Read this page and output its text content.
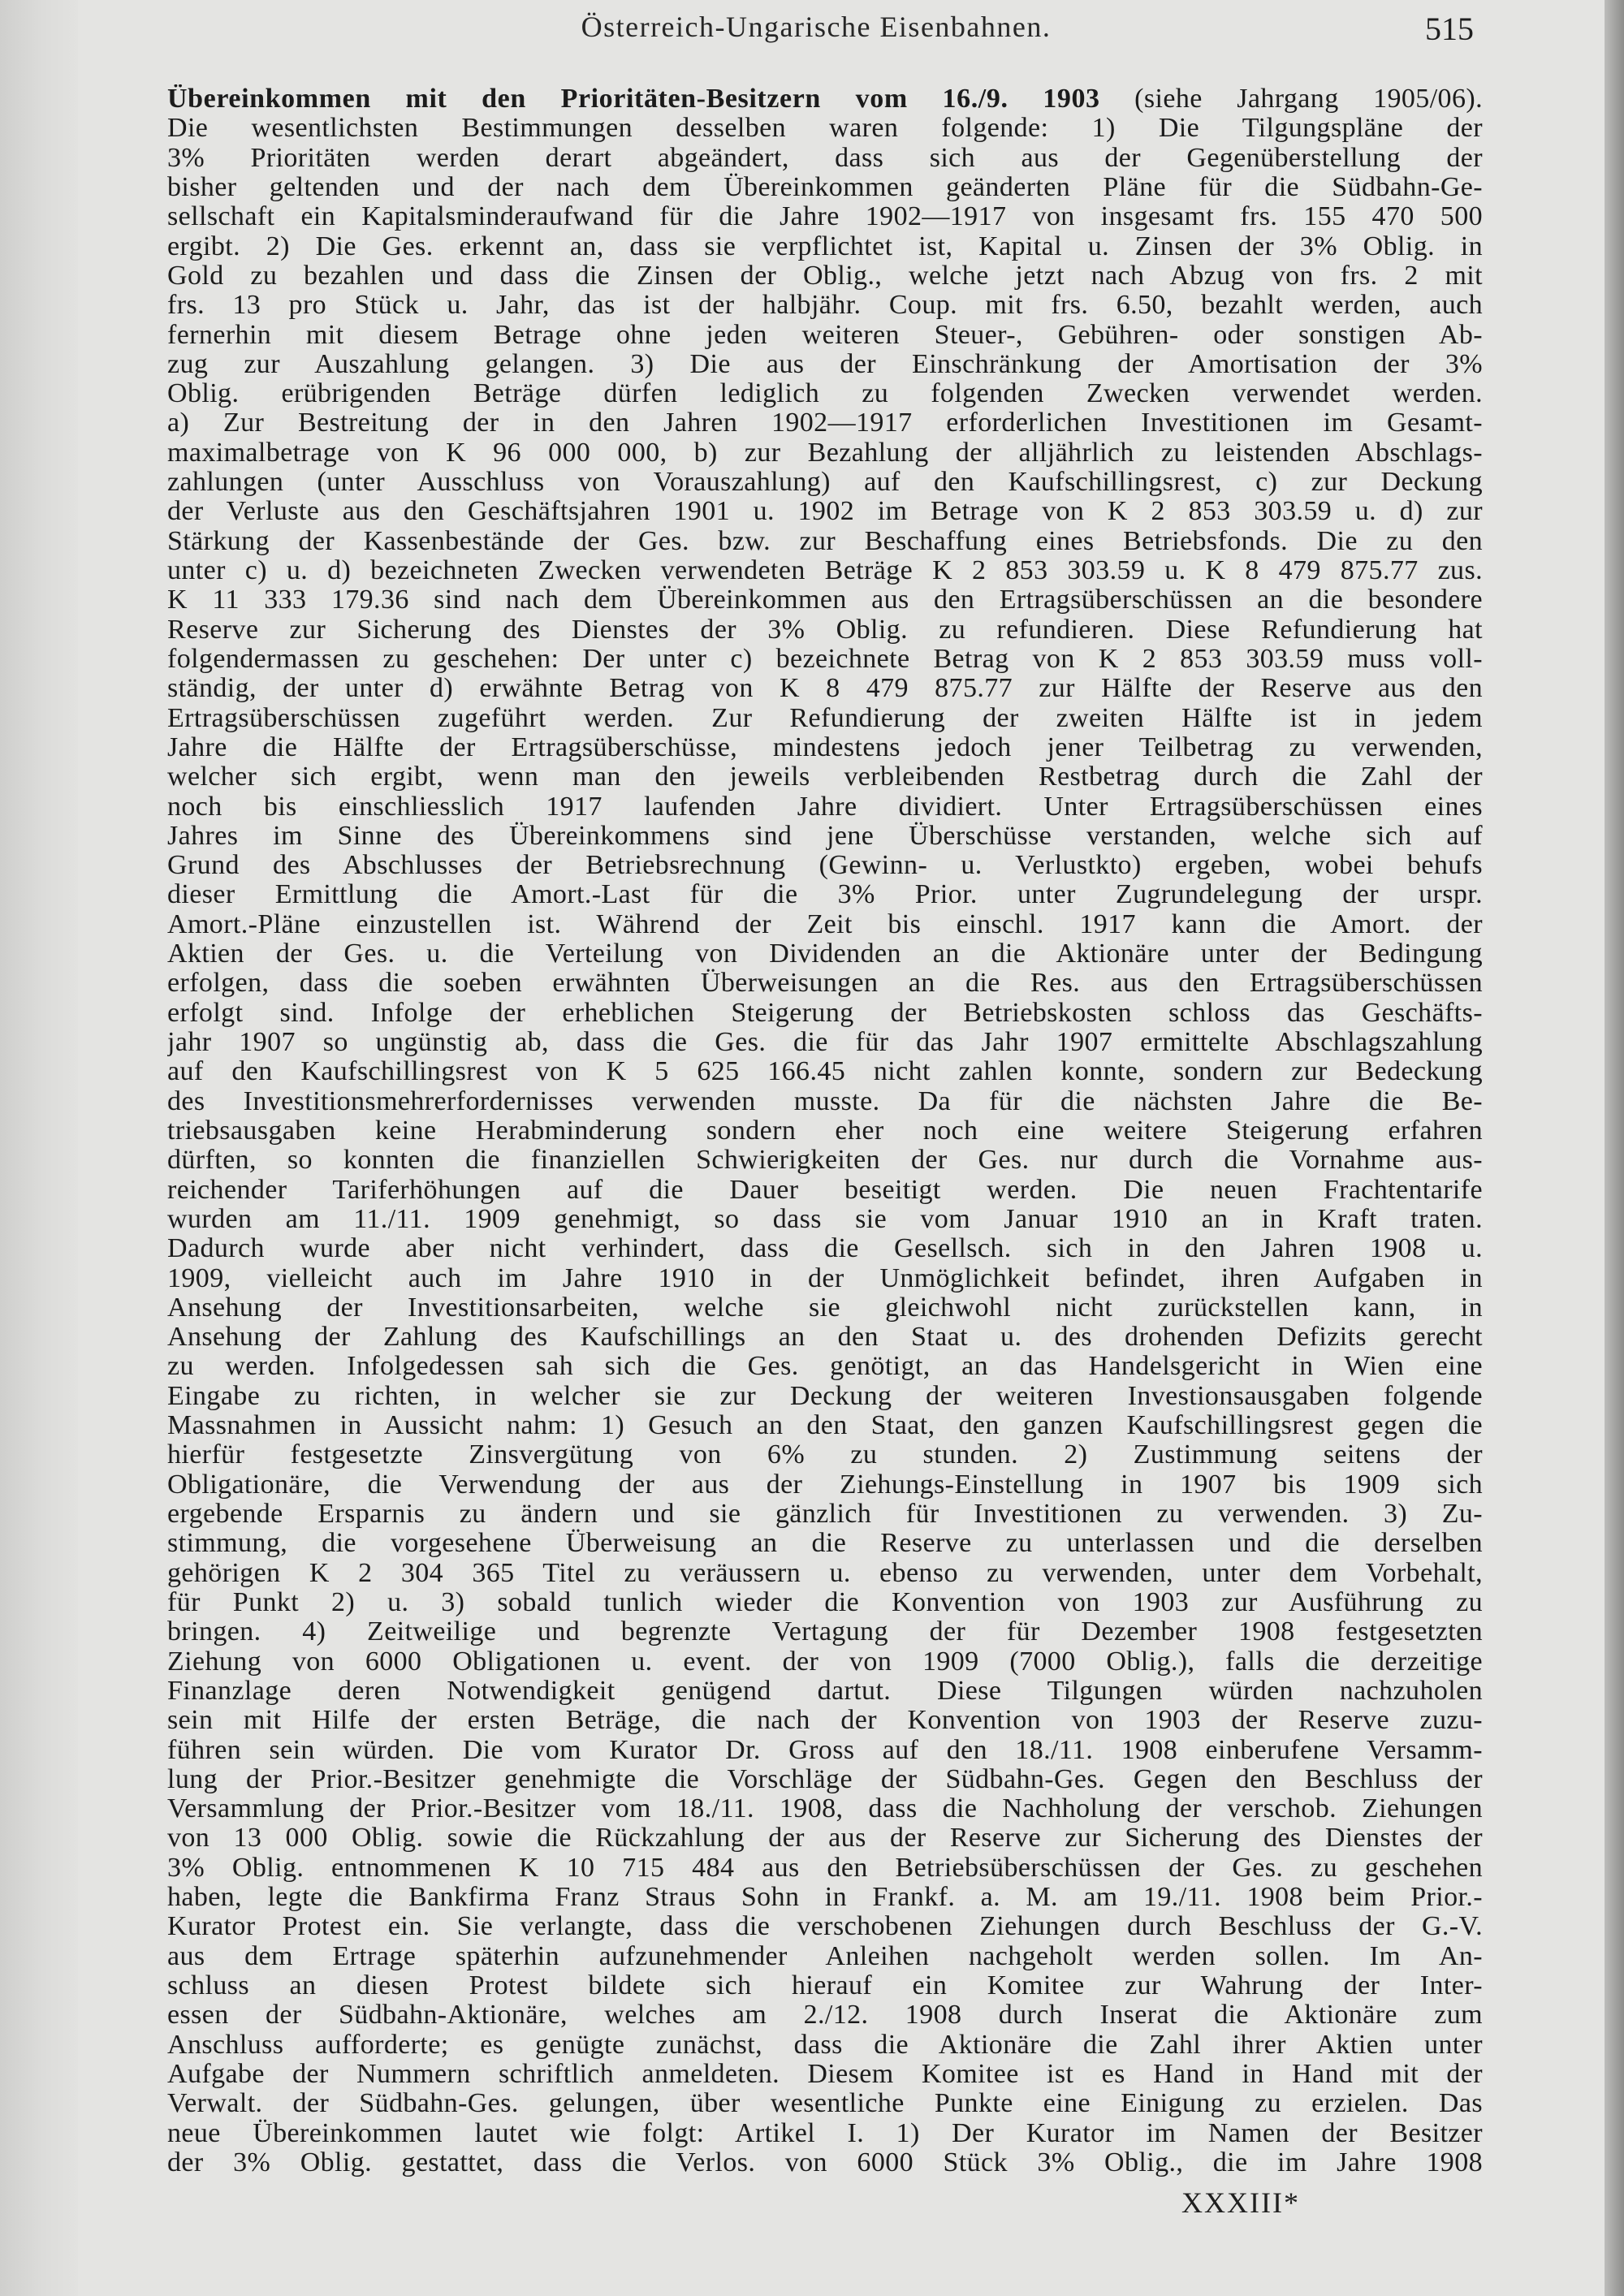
Österreich-Ungarische Eisenbahnen.	515
Übereinkommen mit den Prioritäten-Besitzern vom 16./9. 1903 (siehe Jahrgang 1905/06).
Die wesentlichsten Bestimmungen desselben waren folgende: 1) Die Tilgungspläne der
3% Prioritäten werden derart abgeändert, dass sich aus der Gegenüberstellung der
bisher geltenden und der nach dem Übereinkommen geänderten Pläne für die Südbahn-Ge-
sellschaft ein Kapitalsminderaufwand für die Jahre 1902—1917 von insgesamt frs. 155 470 500
ergibt. 2) Die Ges. erkennt an, dass sie verpflichtet ist, Kapital u. Zinsen der 3% Oblig. in
Gold zu bezahlen und dass die Zinsen der Oblig., welche jetzt nach Abzug von frs. 2 mit
frs. 13 pro Stück u. Jahr, das ist der halbjähr. Coup. mit frs. 6.50, bezahlt werden, auch
fernerhin mit diesem Betrage ohne jeden weiteren Steuer-, Gebühren- oder sonstigen Ab-
zug zur Auszahlung gelangen. 3) Die aus der Einschränkung der Amortisation der 3%
Oblig. erübrigenden Beträge dürfen lediglich zu folgenden Zwecken verwendet werden.
a) Zur Bestreitung der in den Jahren 1902—1917 erforderlichen Investitionen im Gesamt-
maximalbetrage von K 96 000 000, b) zur Bezahlung der alljährlich zu leistenden Abschlags-
zahlungen (unter Ausschluss von Vorauszahlung) auf den Kaufschillingsrest, c) zur Deckung
der Verluste aus den Geschäftsjahren 1901 u. 1902 im Betrage von K 2 853 303.59 u. d) zur
Stärkung der Kassenbestände der Ges. bzw. zur Beschaffung eines Betriebsfonds. Die zu den
unter c) u. d) bezeichneten Zwecken verwendeten Beträge K 2 853 303.59 u. K 8 479 875.77 zus.
K 11 333 179.36 sind nach dem Übereinkommen aus den Ertragsüberschüssen an die besondere
Reserve zur Sicherung des Dienstes der 3% Oblig. zu refundieren. Diese Refundierung hat
folgendermassen zu geschehen: Der unter c) bezeichnete Betrag von K 2 853 303.59 muss voll-
ständig, der unter d) erwähnte Betrag von K 8 479 875.77 zur Hälfte der Reserve aus den
Ertragsüberschüssen zugeführt werden. Zur Refundierung der zweiten Hälfte ist in jedem
Jahre die Hälfte der Ertragsüberschüsse, mindestens jedoch jener Teilbetrag zu verwenden,
welcher sich ergibt, wenn man den jeweils verbleibenden Restbetrag durch die Zahl der
noch bis einschliesslich 1917 laufenden Jahre dividiert. Unter Ertragsüberschüssen eines
Jahres im Sinne des Übereinkommens sind jene Überschüsse verstanden, welche sich auf
Grund des Abschlusses der Betriebsrechnung (Gewinn- u. Verlustkto) ergeben, wobei behufs
dieser Ermittlung die Amort.-Last für die 3% Prior. unter Zugrundelegung der urspr.
Amort.-Pläne einzustellen ist. Während der Zeit bis einschl. 1917 kann die Amort. der
Aktien der Ges. u. die Verteilung von Dividenden an die Aktionäre unter der Bedingung
erfolgen, dass die soeben erwähnten Überweisungen an die Res. aus den Ertragsüberschüssen
erfolgt sind. Infolge der erheblichen Steigerung der Betriebskosten schloss das Geschäfts-
jahr 1907 so ungünstig ab, dass die Ges. die für das Jahr 1907 ermittelte Abschlagszahlung
auf den Kaufschillingsrest von K 5 625 166.45 nicht zahlen konnte, sondern zur Bedeckung
des Investitionsmehrerfordernisses verwenden musste. Da für die nächsten Jahre die Be-
triebsausgaben keine Herabminderung sondern eher noch eine weitere Steigerung erfahren
dürften, so konnten die finanziellen Schwierigkeiten der Ges. nur durch die Vornahme aus-
reichender Tariferhöhungen auf die Dauer beseitigt werden. Die neuen Frachtentarife
wurden am 11./11. 1909 genehmigt, so dass sie vom Januar 1910 an in Kraft traten.
Dadurch wurde aber nicht verhindert, dass die Gesellsch. sich in den Jahren 1908 u.
1909, vielleicht auch im Jahre 1910 in der Unmöglichkeit befindet, ihren Aufgaben in
Ansehung der Investitionsarbeiten, welche sie gleichwohl nicht zurückstellen kann, in
Ansehung der Zahlung des Kaufschillings an den Staat u. des drohenden Defizits gerecht
zu werden. Infolgedessen sah sich die Ges. genötigt, an das Handelsgericht in Wien eine
Eingabe zu richten, in welcher sie zur Deckung der weiteren Investionsausgaben folgende
Massnahmen in Aussicht nahm: 1) Gesuch an den Staat, den ganzen Kaufschillingsrest gegen die
hierfür festgesetzte Zinsvergütung von 6% zu stunden. 2) Zustimmung seitens der
Obligationäre, die Verwendung der aus der Ziehungs-Einstellung in 1907 bis 1909 sich
ergebende Ersparnis zu ändern und sie gänzlich für Investitionen zu verwenden. 3) Zu-
stimmung, die vorgesehene Überweisung an die Reserve zu unterlassen und die derselben
gehörigen K 2 304 365 Titel zu veräussern u. ebenso zu verwenden, unter dem Vorbehalt,
für Punkt 2) u. 3) sobald tunlich wieder die Konvention von 1903 zur Ausführung zu
bringen. 4) Zeitweilige und begrenzte Vertagung der für Dezember 1908 festgesetzten
Ziehung von 6000 Obligationen u. event. der von 1909 (7000 Oblig.), falls die derzeitige
Finanzlage deren Notwendigkeit genügend dartut. Diese Tilgungen würden nachzuholen
sein mit Hilfe der ersten Beträge, die nach der Konvention von 1903 der Reserve zuzu-
führen sein würden. Die vom Kurator Dr. Gross auf den 18./11. 1908 einberufene Versamm-
lung der Prior.-Besitzer genehmigte die Vorschläge der Südbahn-Ges. Gegen den Beschluss der
Versammlung der Prior.-Besitzer vom 18./11. 1908, dass die Nachholung der verschob. Ziehungen
von 13 000 Oblig. sowie die Rückzahlung der aus der Reserve zur Sicherung des Dienstes der
3% Oblig. entnommenen K 10 715 484 aus den Betriebsüberschüssen der Ges. zu geschehen
haben, legte die Bankfirma Franz Straus Sohn in Frankf. a. M. am 19./11. 1908 beim Prior.-
Kurator Protest ein. Sie verlangte, dass die verschobenen Ziehungen durch Beschluss der G.-V.
aus dem Ertrage späterhin aufzunehmender Anleihen nachgeholt werden sollen. Im An-
schluss an diesen Protest bildete sich hierauf ein Komitee zur Wahrung der Inter-
essen der Südbahn-Aktionäre, welches am 2./12. 1908 durch Inserat die Aktionäre zum
Anschluss aufforderte; es genügte zunächst, dass die Aktionäre die Zahl ihrer Aktien unter
Aufgabe der Nummern schriftlich anmeldeten. Diesem Komitee ist es Hand in Hand mit der
Verwalt. der Südbahn-Ges. gelungen, über wesentliche Punkte eine Einigung zu erzielen. Das
neue Übereinkommen lautet wie folgt: Artikel I. 1) Der Kurator im Namen der Besitzer
der 3% Oblig. gestattet, dass die Verlos. von 6000 Stück 3% Oblig., die im Jahre 1908
XXXIII*
